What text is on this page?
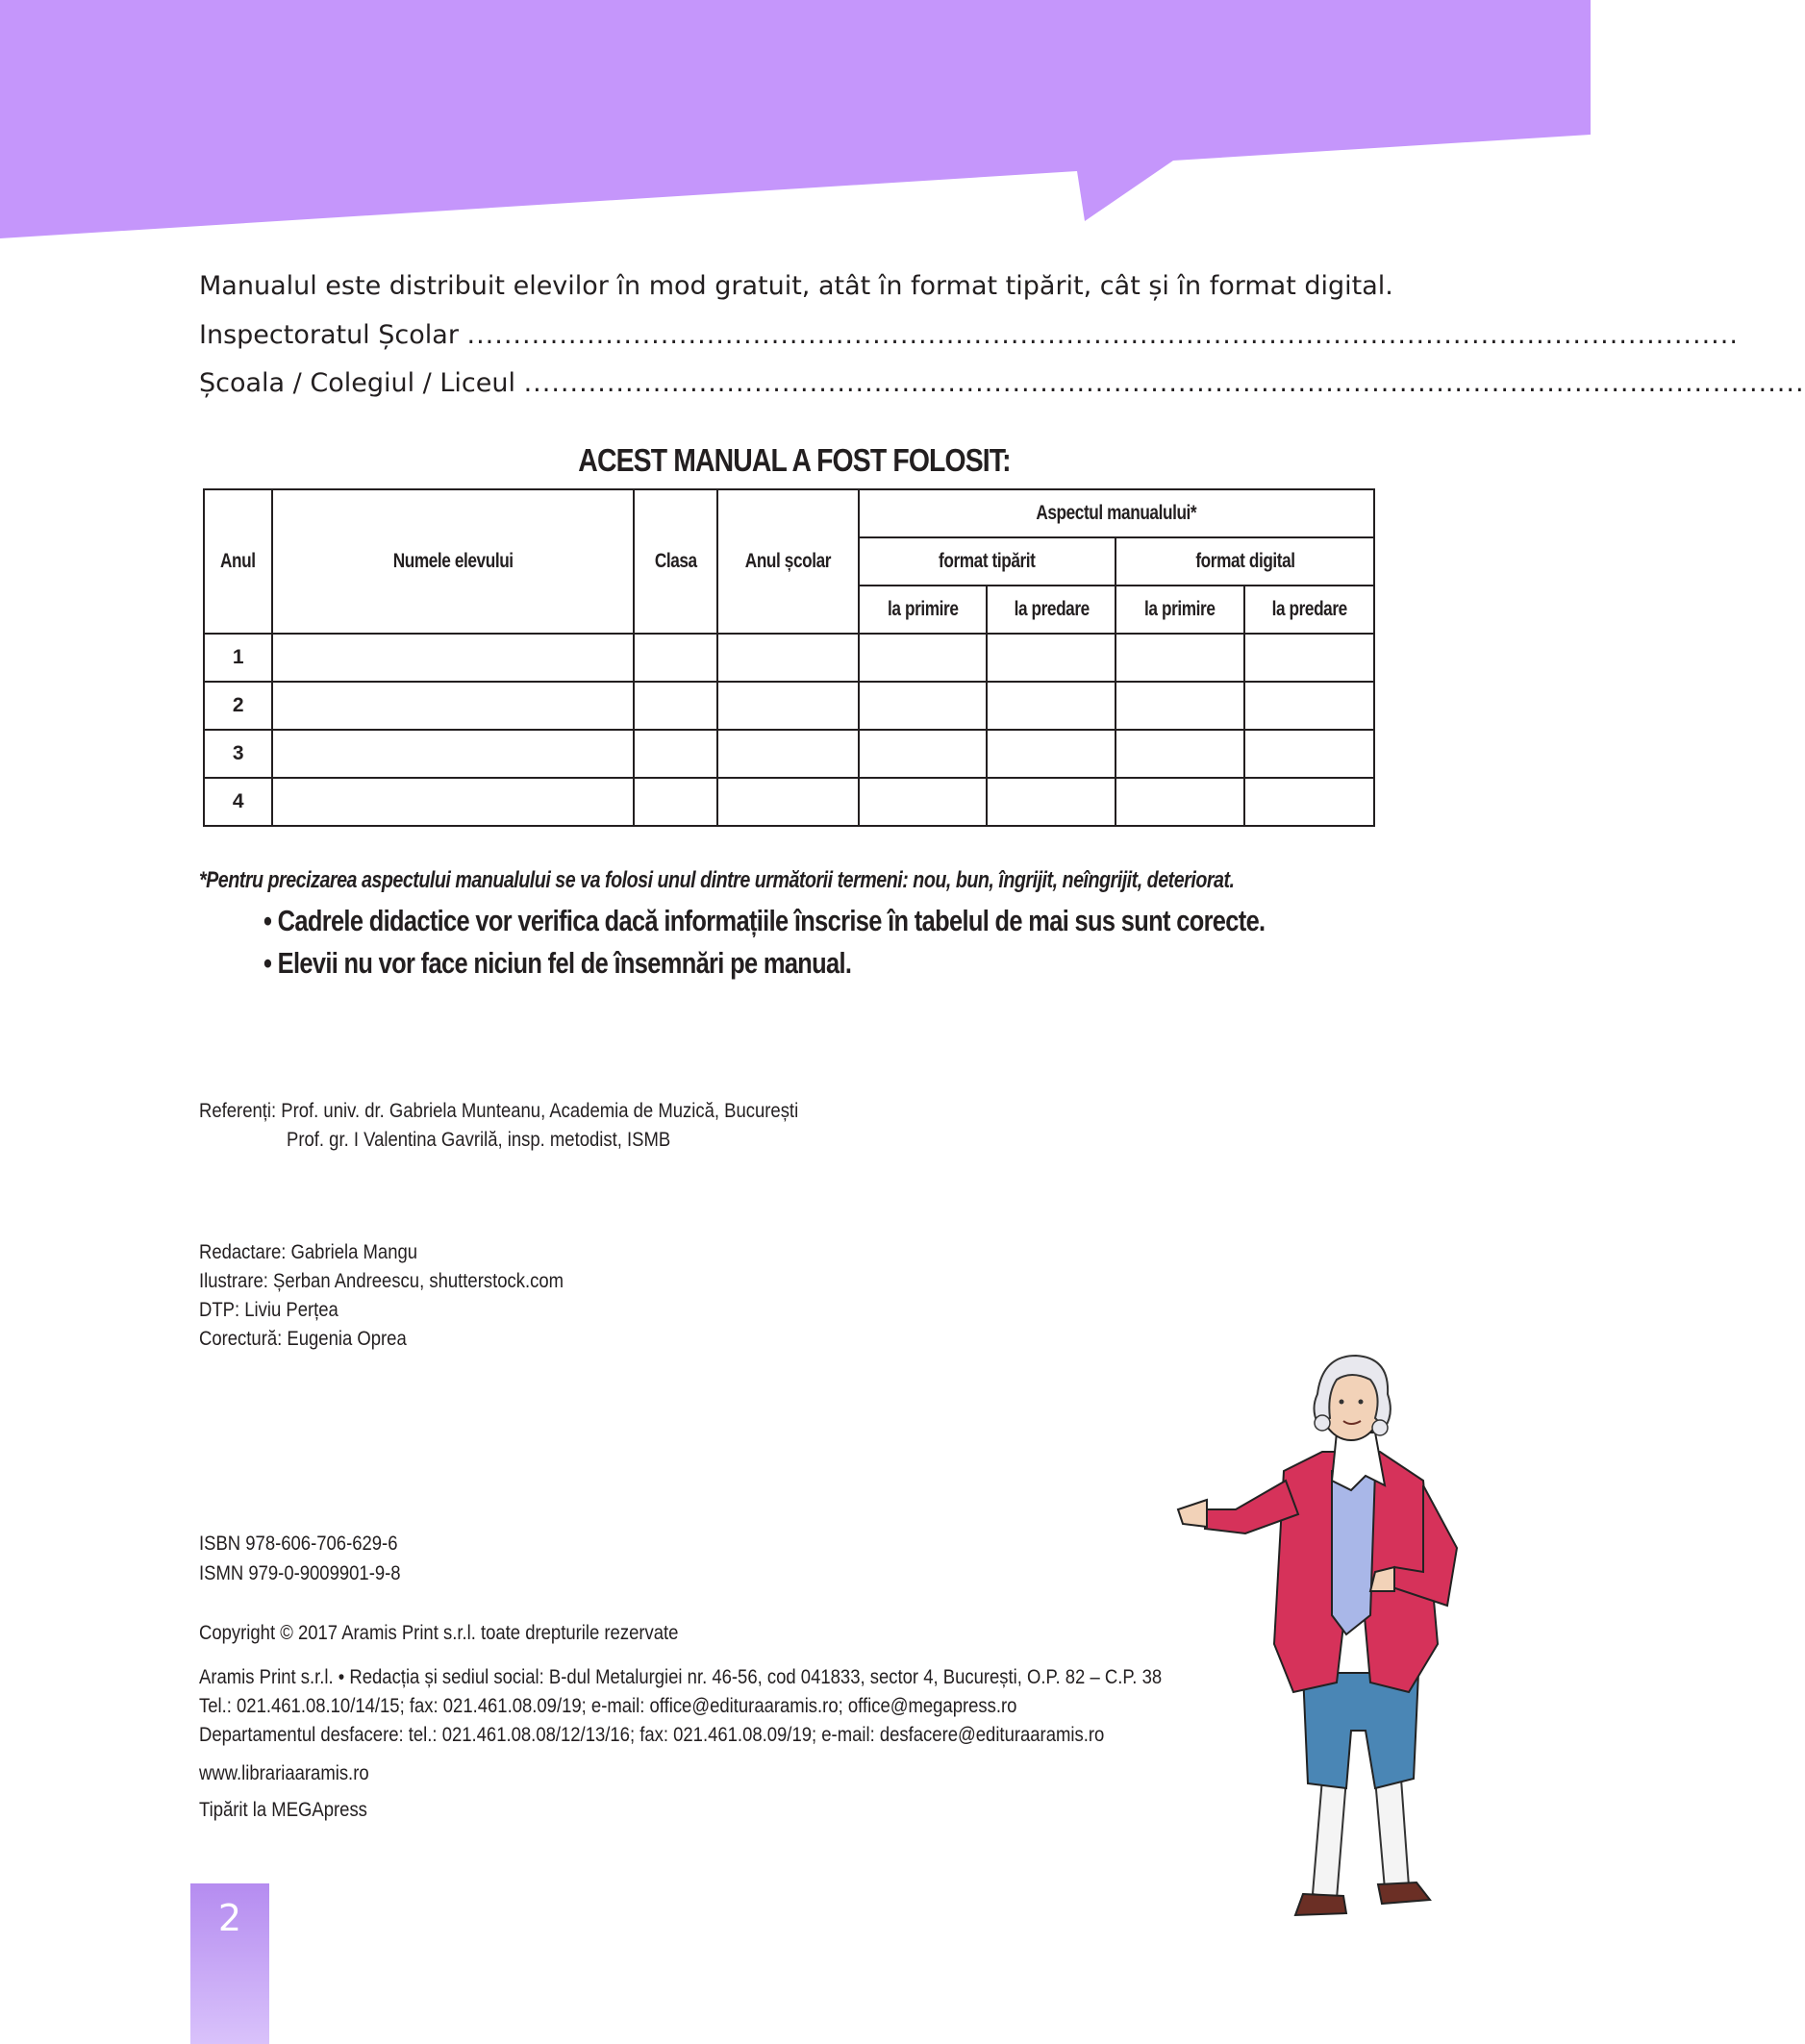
Manualul este distribuit elevilor în mod gratuit, atât în format tipărit, cât și în format digital.
Inspectoratul Școlar ..........................................................................................................................................
Școala / Colegiul / Liceul ...........................................................................................................................................
ACEST MANUAL A FOST FOLOSIT:
Anul	Numele elevului	Clasa	Anul școlar	Aspectul manualului*			
				format tipărit		format digital	
				la primire	la predare	la primire	la predare
1							
2							
3							
4							
*Pentru precizarea aspectului manualului se va folosi unul dintre următorii termeni: nou, bun, îngrijit, neîngrijit, deteriorat.
• Cadrele didactice vor verifica dacă informațiile înscrise în tabelul de mai sus sunt corecte.
• Elevii nu vor face niciun fel de însemnări pe manual.
Referenți: Prof. univ. dr. Gabriela Munteanu, Academia de Muzică, București
Prof. gr. I Valentina Gavrilă, insp. metodist, ISMB
Redactare: Gabriela Mangu
Ilustrare: Șerban Andreescu, shutterstock.com
DTP: Liviu Perțea
Corectură: Eugenia Oprea
ISBN 978-606-706-629-6
ISMN 979-0-9009901-9-8
Copyright © 2017 Aramis Print s.r.l. toate drepturile rezervate
Aramis Print s.r.l. • Redacția și sediul social: B-dul Metalurgiei nr. 46-56, cod 041833, sector 4, București, O.P. 82 – C.P. 38
Tel.: 021.461.08.10/14/15; fax: 021.461.08.09/19; e-mail: office@edituraaramis.ro; office@megapress.ro
Departamentul desfacere: tel.: 021.461.08.08/12/13/16; fax: 021.461.08.09/19; e-mail: desfacere@edituraaramis.ro
www.librariaaramis.ro
Tipărit la MEGApress
2
